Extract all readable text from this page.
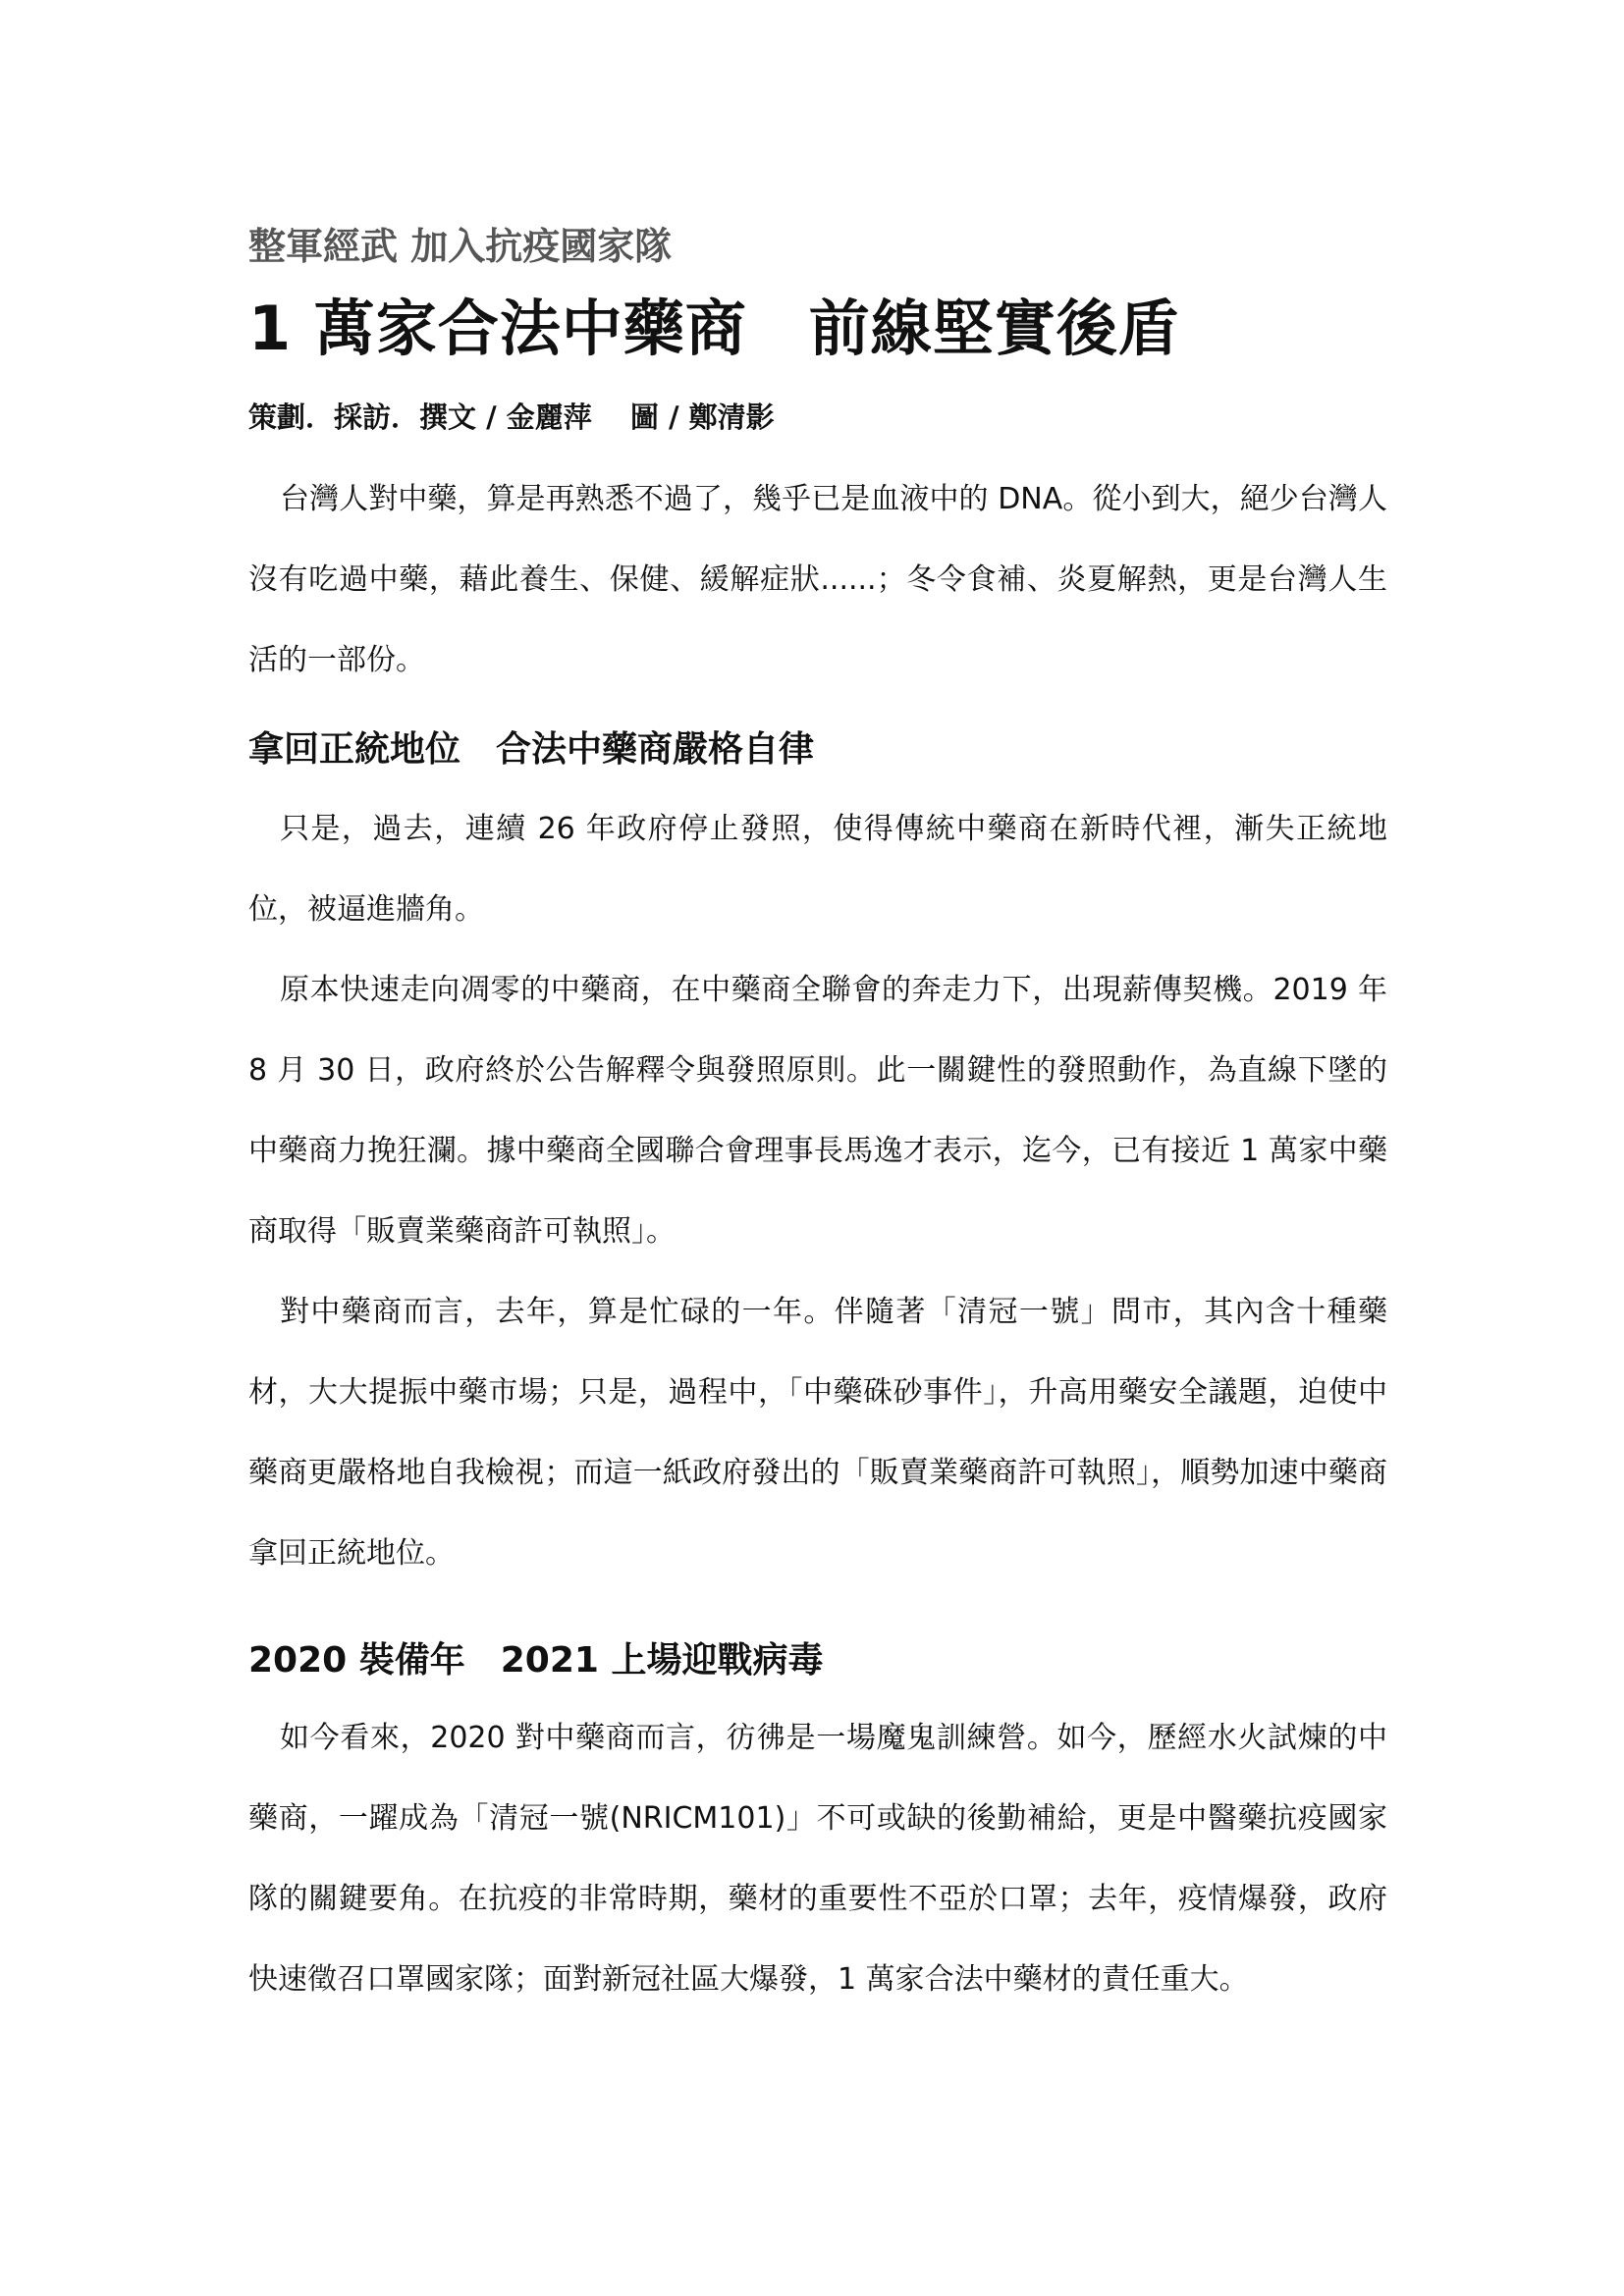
整軍經武 加入抗疫國家隊
1 萬家合法中藥商　前線堅實後盾
策劃．採訪．撰文 / 金麗萍　 圖 / 鄭清影

台灣人對中藥，算是再熟悉不過了，幾乎已是血液中的 DNA。從小到大，絕少台灣人沒有吃過中藥，藉此養生、保健、緩解症狀......；冬令食補、炎夏解熱，更是台灣人生活的一部份。

拿回正統地位　合法中藥商嚴格自律

只是，過去，連續 26 年政府停止發照，使得傳統中藥商在新時代裡，漸失正統地位，被逼進牆角。

原本快速走向凋零的中藥商，在中藥商全聯會的奔走力下，出現薪傳契機。2019 年 8 月 30 日，政府終於公告解釋令與發照原則。此一關鍵性的發照動作，為直線下墜的中藥商力挽狂瀾。據中藥商全國聯合會理事長馬逸才表示，迄今，已有接近 1 萬家中藥商取得「販賣業藥商許可執照」。

對中藥商而言，去年，算是忙碌的一年。伴隨著「清冠一號」問市，其內含十種藥材，大大提振中藥市場；只是，過程中，「中藥硃砂事件」，升高用藥安全議題，迫使中藥商更嚴格地自我檢視；而這一紙政府發出的「販賣業藥商許可執照」，順勢加速中藥商拿回正統地位。

2020 裝備年　2021 上場迎戰病毒

如今看來，2020 對中藥商而言，彷彿是一場魔鬼訓練營。如今，歷經水火試煉的中藥商，一躍成為「清冠一號(NRICM101)」不可或缺的後勤補給，更是中醫藥抗疫國家隊的關鍵要角。在抗疫的非常時期，藥材的重要性不亞於口罩；去年，疫情爆發，政府快速徵召口罩國家隊；面對新冠社區大爆發，1 萬家合法中藥材的責任重大。
